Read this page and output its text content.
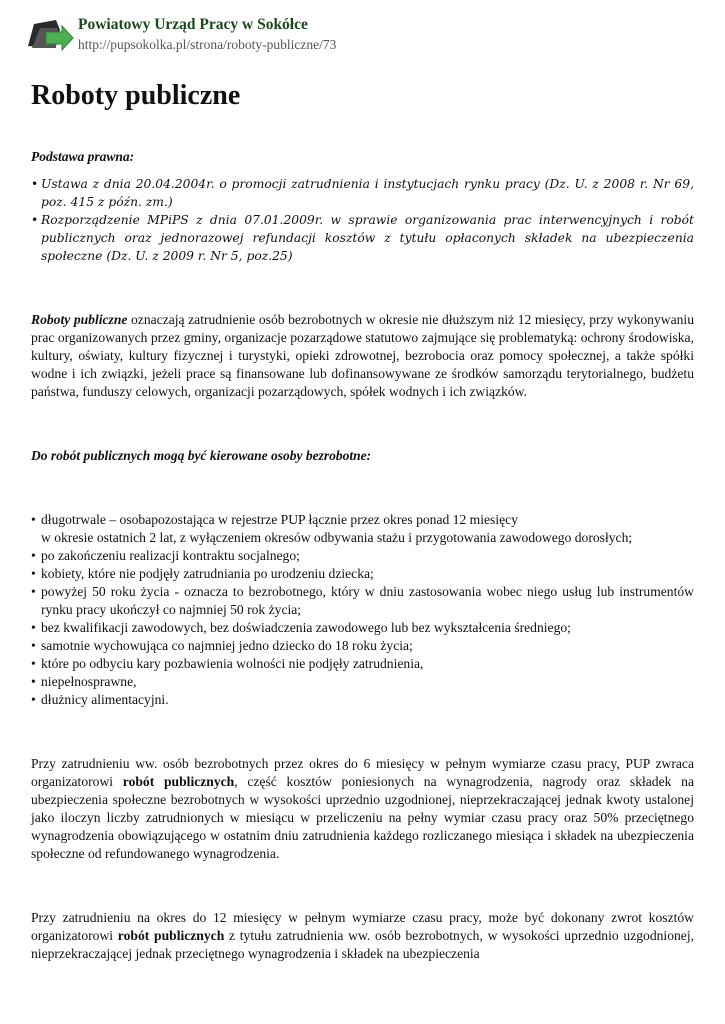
Powiatowy Urząd Pracy w Sokółce
http://pupsokolka.pl/strona/roboty-publiczne/73
Roboty publiczne

Podstawa prawna:

• Ustawa z dnia 20.04.2004r. o promocji zatrudnienia i instytucjach rynku pracy (Dz. U. z 2008 r. Nr 69, poz. 415 z późn. zm.)
• Rozporządzenie MPiPS z dnia 07.01.2009r. w sprawie organizowania prac interwencyjnych i robót publicznych oraz jednorazowej refundacji kosztów z tytułu opłaconych składek na ubezpieczenia społeczne (Dz. U. z 2009 r. Nr 5, poz.25)

Roboty publiczne oznaczają zatrudnienie osób bezrobotnych w okresie nie dłuższym niż 12 miesięcy, przy wykonywaniu prac organizowanych przez gminy, organizacje pozarządowe statutowo zajmujące się problematyką: ochrony środowiska, kultury, oświaty, kultury fizycznej i turystyki, opieki zdrowotnej, bezrobocia oraz pomocy społecznej, a także spółki wodne i ich związki, jeżeli prace są finansowane lub dofinansowywane ze środków samorządu terytorialnego, budżetu państwa, funduszy celowych, organizacji pozarządowych, spółek wodnych i ich związków.

Do robót publicznych mogą być kierowane osoby bezrobotne:

• długotrwale – osobapozostająca w rejestrze PUP łącznie przez okres ponad 12 miesięcy
w okresie ostatnich 2 lat, z wyłączeniem okresów odbywania stażu i przygotowania zawodowego dorosłych;
• po zakończeniu realizacji kontraktu socjalnego;
• kobiety, które nie podjęły zatrudniania po urodzeniu dziecka;
• powyżej 50 roku życia - oznacza to bezrobotnego, który w dniu zastosowania wobec niego usług lub instrumentów rynku pracy ukończył co najmniej 50 rok życia;
• bez kwalifikacji zawodowych, bez doświadczenia zawodowego lub bez wykształcenia średniego;
• samotnie wychowująca co najmniej jedno dziecko do 18 roku życia;
• które po odbyciu kary pozbawienia wolności nie podjęły zatrudnienia,
• niepełnosprawne,
• dłużnicy alimentacyjni.

Przy zatrudnieniu ww. osób bezrobotnych przez okres do 6 miesięcy w pełnym wymiarze czasu pracy, PUP zwraca organizatorowi robót publicznych, część kosztów poniesionych na wynagrodzenia, nagrody oraz składek na ubezpieczenia społeczne bezrobotnych w wysokości uprzednio uzgodnionej, nieprzekraczającej jednak kwoty ustalonej jako iloczyn liczby zatrudnionych w miesiącu w przeliczeniu na pełny wymiar czasu pracy oraz 50% przeciętnego wynagrodzenia obowiązującego w ostatnim dniu zatrudnienia każdego rozliczanego miesiąca i składek na ubezpieczenia społeczne od refundowanego wynagrodzenia.

Przy zatrudnieniu na okres do 12 miesięcy w pełnym wymiarze czasu pracy, może być dokonany zwrot kosztów organizatorowi robót publicznych z tytułu zatrudnienia ww. osób bezrobotnych, w wysokości uprzednio uzgodnionej, nieprzekraczającej jednak przeciętnego wynagrodzenia i składek na ubezpieczenia
